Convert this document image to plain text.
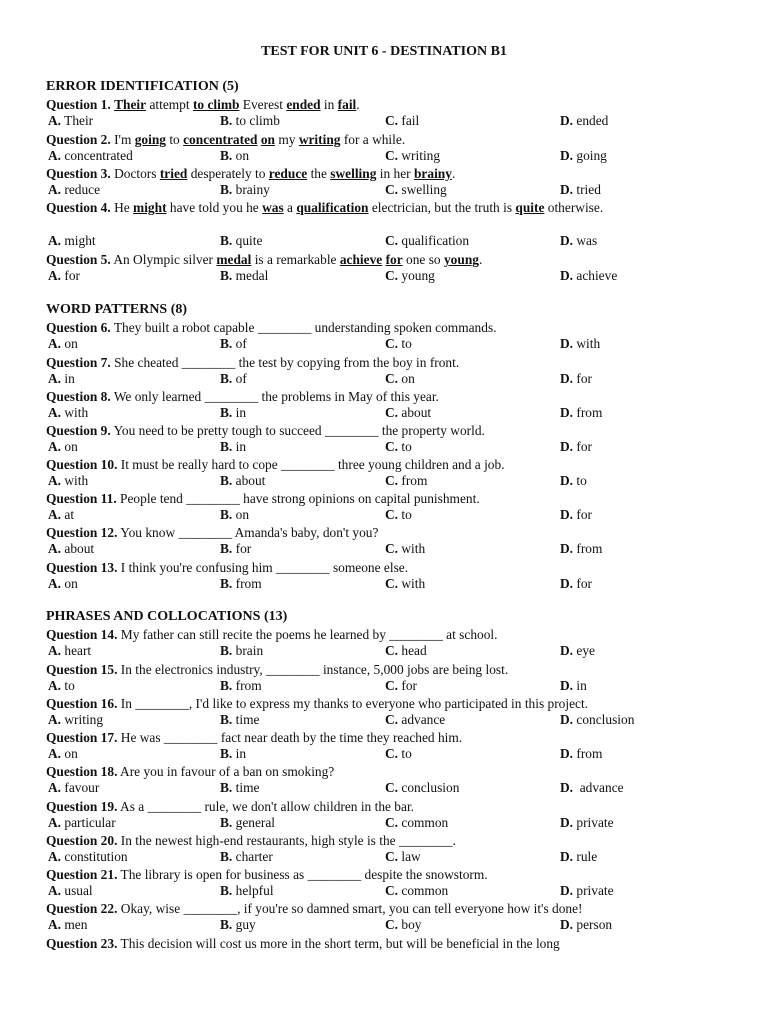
TEST FOR UNIT 6 - DESTINATION B1
ERROR IDENTIFICATION (5)
Question 1. Their attempt to climb Everest ended in fail.
A. Their	B. to climb	C. fail	D. ended
Question 2. I'm going to concentrated on my writing for a while.
A. concentrated	B. on	C. writing	D. going
Question 3. Doctors tried desperately to reduce the swelling in her brainy.
A. reduce	B. brainy	C. swelling	D. tried
Question 4. He might have told you he was a qualification electrician, but the truth is quite otherwise.
A. might	B. quite	C. qualification	D. was
Question 5. An Olympic silver medal is a remarkable achieve for one so young.
A. for	B. medal	C. young	D. achieve
WORD PATTERNS (8)
Question 6. They built a robot capable ________ understanding spoken commands.
A. on	B. of	C. to	D. with
Question 7. She cheated ________ the test by copying from the boy in front.
A. in	B. of	C. on	D. for
Question 8. We only learned ________ the problems in May of this year.
A. with	B. in	C. about	D. from
Question 9. You need to be pretty tough to succeed ________ the property world.
A. on	B. in	C. to	D. for
Question 10. It must be really hard to cope ________ three young children and a job.
A. with	B. about	C. from	D. to
Question 11. People tend ________ have strong opinions on capital punishment.
A. at	B. on	C. to	D. for
Question 12. You know ________ Amanda's baby, don't you?
A. about	B. for	C. with	D. from
Question 13. I think you're confusing him ________ someone else.
A. on	B. from	C. with	D. for
PHRASES AND COLLOCATIONS (13)
Question 14. My father can still recite the poems he learned by ________ at school.
A. heart	B. brain	C. head	D. eye
Question 15. In the electronics industry, ________ instance, 5,000 jobs are being lost.
A. to	B. from	C. for	D. in
Question 16. In ________, I'd like to express my thanks to everyone who participated in this project.
A. writing	B. time	C. advance	D. conclusion
Question 17. He was ________ fact near death by the time they reached him.
A. on	B. in	C. to	D. from
Question 18. Are you in favour of a ban on smoking?
A. favour	B. time	C. conclusion	D.  advance
Question 19. As a ________ rule, we don't allow children in the bar.
A. particular	B. general	C. common	D. private
Question 20. In the newest high-end restaurants, high style is the ________.
A. constitution	B. charter	C. law	D. rule
Question 21. The library is open for business as ________ despite the snowstorm.
A. usual	B. helpful	C. common	D. private
Question 22. Okay, wise ________, if you're so damned smart, you can tell everyone how it's done!
A. men	B. guy	C. boy	D. person
Question 23. This decision will cost us more in the short term, but will be beneficial in the long
